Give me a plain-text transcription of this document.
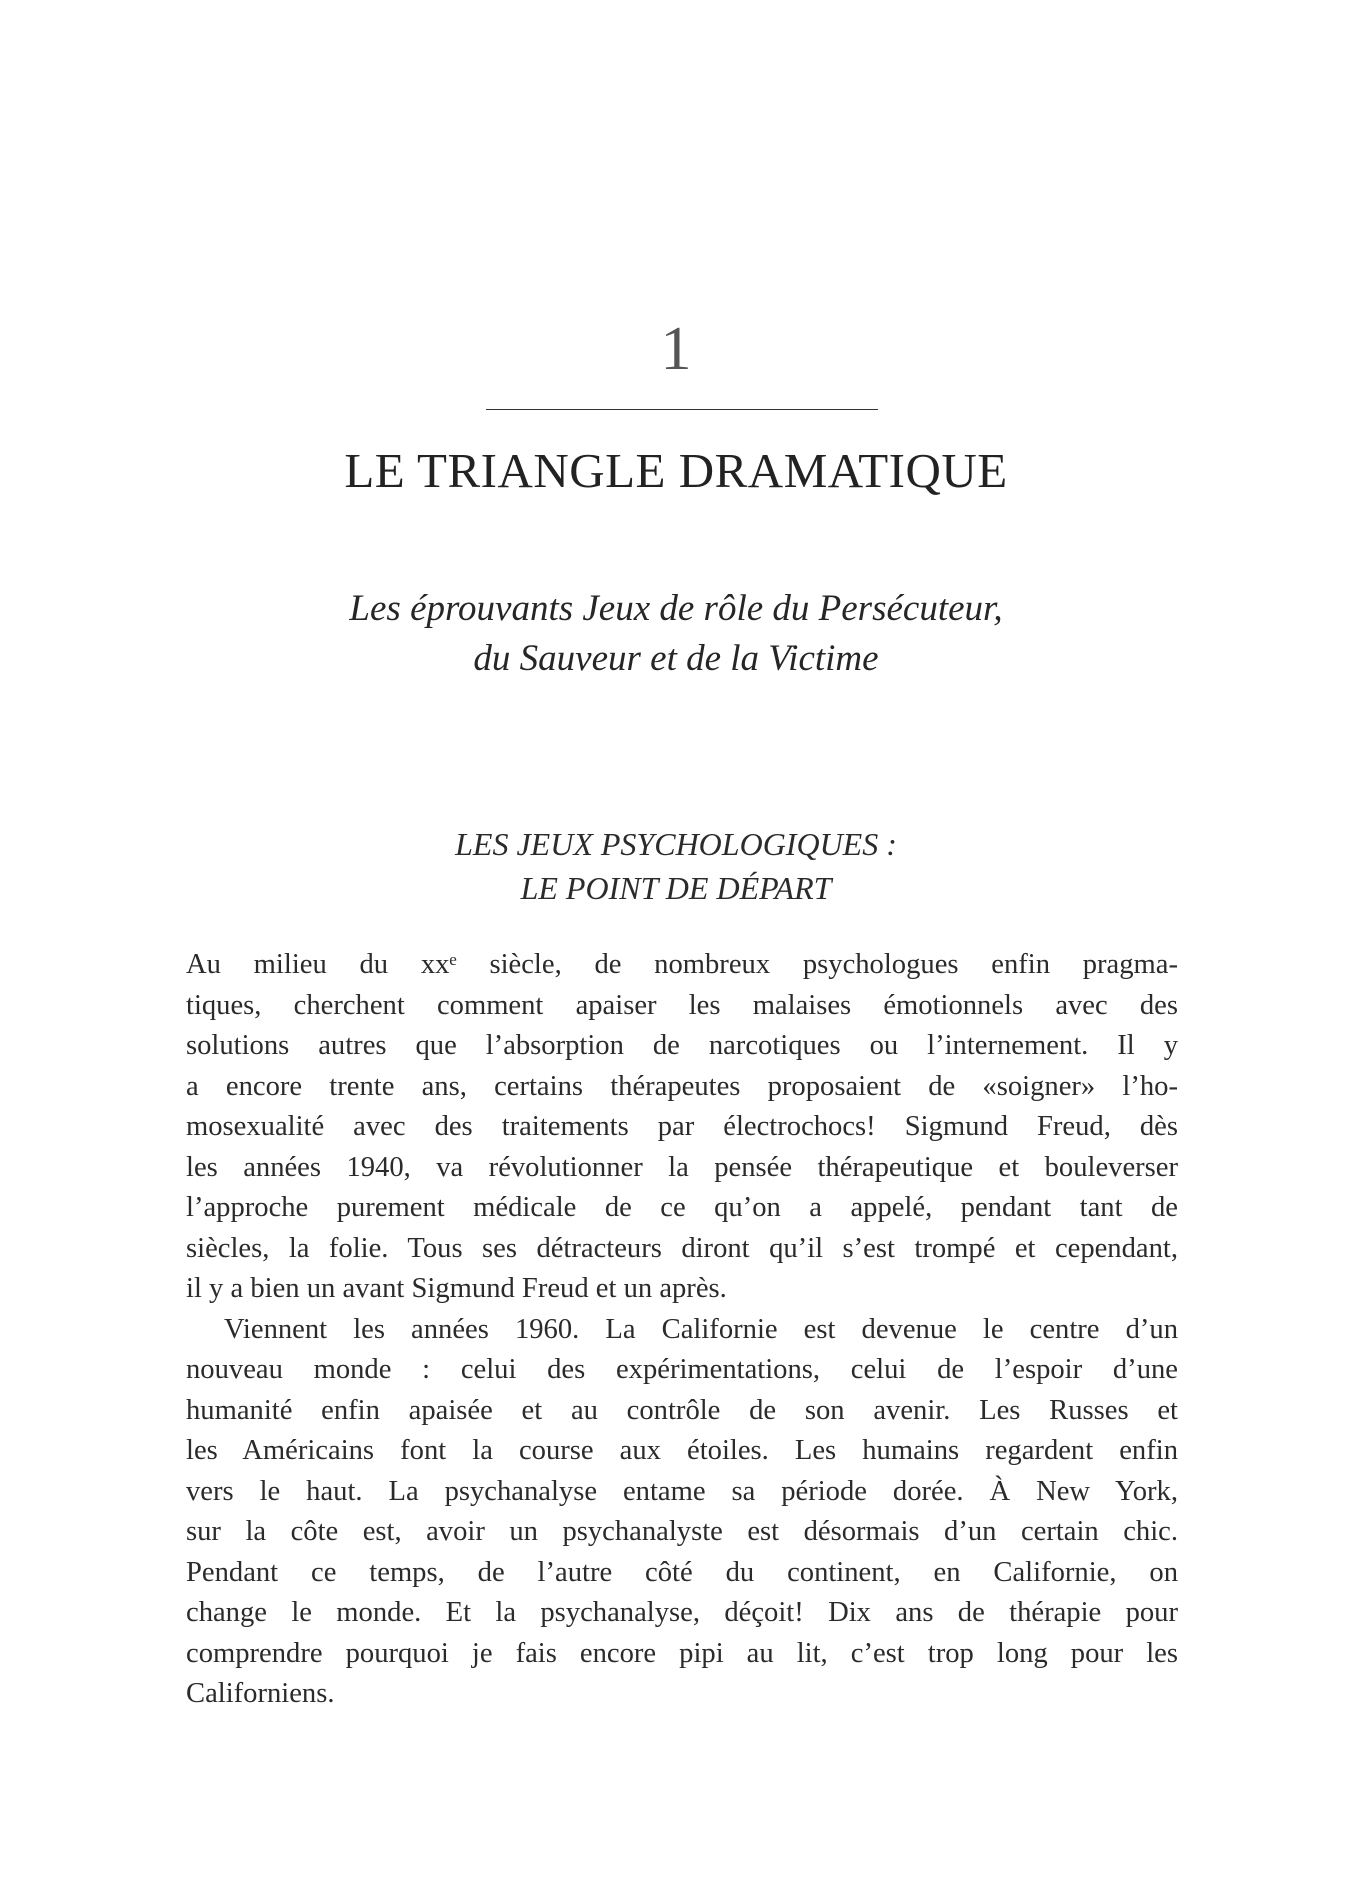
1
LE TRIANGLE DRAMATIQUE
Les éprouvants Jeux de rôle du Persécuteur,
du Sauveur et de la Victime
LES JEUX PSYCHOLOGIQUES :
LE POINT DE DÉPART
Au milieu du xxᵉ siècle, de nombreux psychologues enfin pragma-
tiques, cherchent comment apaiser les malaises émotionnels avec des
solutions autres que l’absorption de narcotiques ou l’internement. Il y
a encore trente ans, certains thérapeutes proposaient de «soigner» l’ho-
mosexualité avec des traitements par électrochocs! Sigmund Freud, dès
les années 1940, va révolutionner la pensée thérapeutique et bouleverser
l’approche purement médicale de ce qu’on a appelé, pendant tant de
siècles, la folie. Tous ses détracteurs diront qu’il s’est trompé et cependant,
il y a bien un avant Sigmund Freud et un après.
Viennent les années 1960. La Californie est devenue le centre d’un
nouveau monde : celui des expérimentations, celui de l’espoir d’une
humanité enfin apaisée et au contrôle de son avenir. Les Russes et
les Américains font la course aux étoiles. Les humains regardent enfin
vers le haut. La psychanalyse entame sa période dorée. À New York,
sur la côte est, avoir un psychanalyste est désormais d’un certain chic.
Pendant ce temps, de l’autre côté du continent, en Californie, on
change le monde. Et la psychanalyse, déçoit! Dix ans de thérapie pour
comprendre pourquoi je fais encore pipi au lit, c’est trop long pour les
Californiens.
